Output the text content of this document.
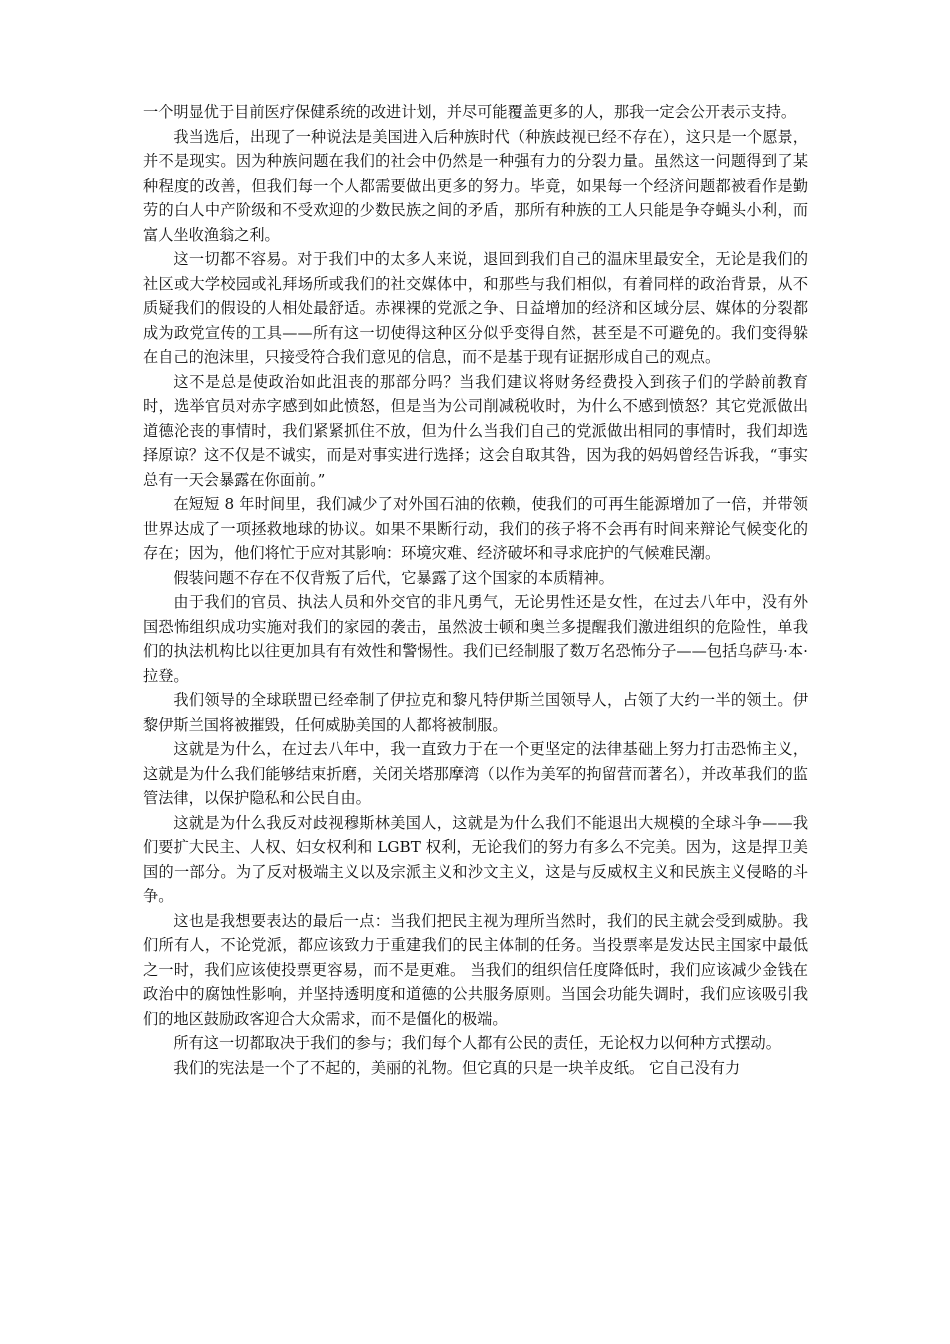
一个明显优于目前医疗保健系统的改进计划，并尽可能覆盖更多的人，那我一定会公开表示支持。

我当选后，出现了一种说法是美国进入后种族时代（种族歧视已经不存在），这只是一个愿景，并不是现实。因为种族问题在我们的社会中仍然是一种强有力的分裂力量。虽然这一问题得到了某种程度的改善，但我们每一个人都需要做出更多的努力。毕竟，如果每一个经济问题都被看作是勤劳的白人中产阶级和不受欢迎的少数民族之间的矛盾，那所有种族的工人只能是争夺蝇头小利，而富人坐收渔翁之利。

这一切都不容易。对于我们中的太多人来说，退回到我们自己的温床里最安全，无论是我们的社区或大学校园或礼拜场所或我们的社交媒体中，和那些与我们相似，有着同样的政治背景，从不质疑我们的假设的人相处最舒适。赤裸裸的党派之争、日益增加的经济和区域分层、媒体的分裂都成为政党宣传的工具——所有这一切使得这种区分似乎变得自然，甚至是不可避免的。我们变得躲在自己的泡沫里，只接受符合我们意见的信息，而不是基于现有证据形成自己的观点。

这不是总是使政治如此沮丧的那部分吗？当我们建议将财务经费投入到孩子们的学龄前教育时，选举官员对赤字感到如此愤怒，但是当为公司削减税收时，为什么不感到愤怒？其它党派做出道德沦丧的事情时，我们紧紧抓住不放，但为什么当我们自己的党派做出相同的事情时，我们却选择原谅？这不仅是不诚实，而是对事实进行选择；这会自取其咎，因为我的妈妈曾经告诉我，“事实总有一天会暴露在你面前。”

在短短 8 年时间里，我们减少了对外国石油的依赖，使我们的可再生能源增加了一倍，并带领世界达成了一项拯救地球的协议。如果不果断行动，我们的孩子将不会再有时间来辩论气候变化的存在；因为，他们将忙于应对其影响：环境灾难、经济破坏和寻求庇护的气候难民潮。

假装问题不存在不仅背叛了后代，它暴露了这个国家的本质精神。

由于我们的官员、执法人员和外交官的非凡勇气，无论男性还是女性，在过去八年中，没有外国恐怖组织成功实施对我们的家园的袭击，虽然波士顿和奥兰多提醒我们激进组织的危险性，单我们的执法机构比以往更加具有有效性和警惕性。我们已经制服了数万名恐怖分子——包括乌萨马·本·拉登。

我们领导的全球联盟已经牵制了伊拉克和黎凡特伊斯兰国领导人，占领了大约一半的领土。伊黎伊斯兰国将被摧毁，任何威胁美国的人都将被制服。

这就是为什么，在过去八年中，我一直致力于在一个更坚定的法律基础上努力打击恐怖主义，这就是为什么我们能够结束折磨，关闭关塔那摩湾（以作为美军的拘留营而著名），并改革我们的监管法律，以保护隐私和公民自由。

这就是为什么我反对歧视穆斯林美国人，这就是为什么我们不能退出大规模的全球斗争——我们要扩大民主、人权、妇女权利和 LGBT 权利，无论我们的努力有多么不完美。因为，这是捍卫美国的一部分。为了反对极端主义以及宗派主义和沙文主义，这是与反威权主义和民族主义侵略的斗争。

这也是我想要表达的最后一点：当我们把民主视为理所当然时，我们的民主就会受到威胁。我们所有人，不论党派，都应该致力于重建我们的民主体制的任务。当投票率是发达民主国家中最低之一时，我们应该使投票更容易，而不是更难。 当我们的组织信任度降低时，我们应该减少金钱在政治中的腐蚀性影响，并坚持透明度和道德的公共服务原则。当国会功能失调时，我们应该吸引我们的地区鼓励政客迎合大众需求，而不是僵化的极端。

所有这一切都取决于我们的参与；我们每个人都有公民的责任，无论权力以何种方式摆动。

我们的宪法是一个了不起的，美丽的礼物。但它真的只是一块羊皮纸。 它自己没有力
